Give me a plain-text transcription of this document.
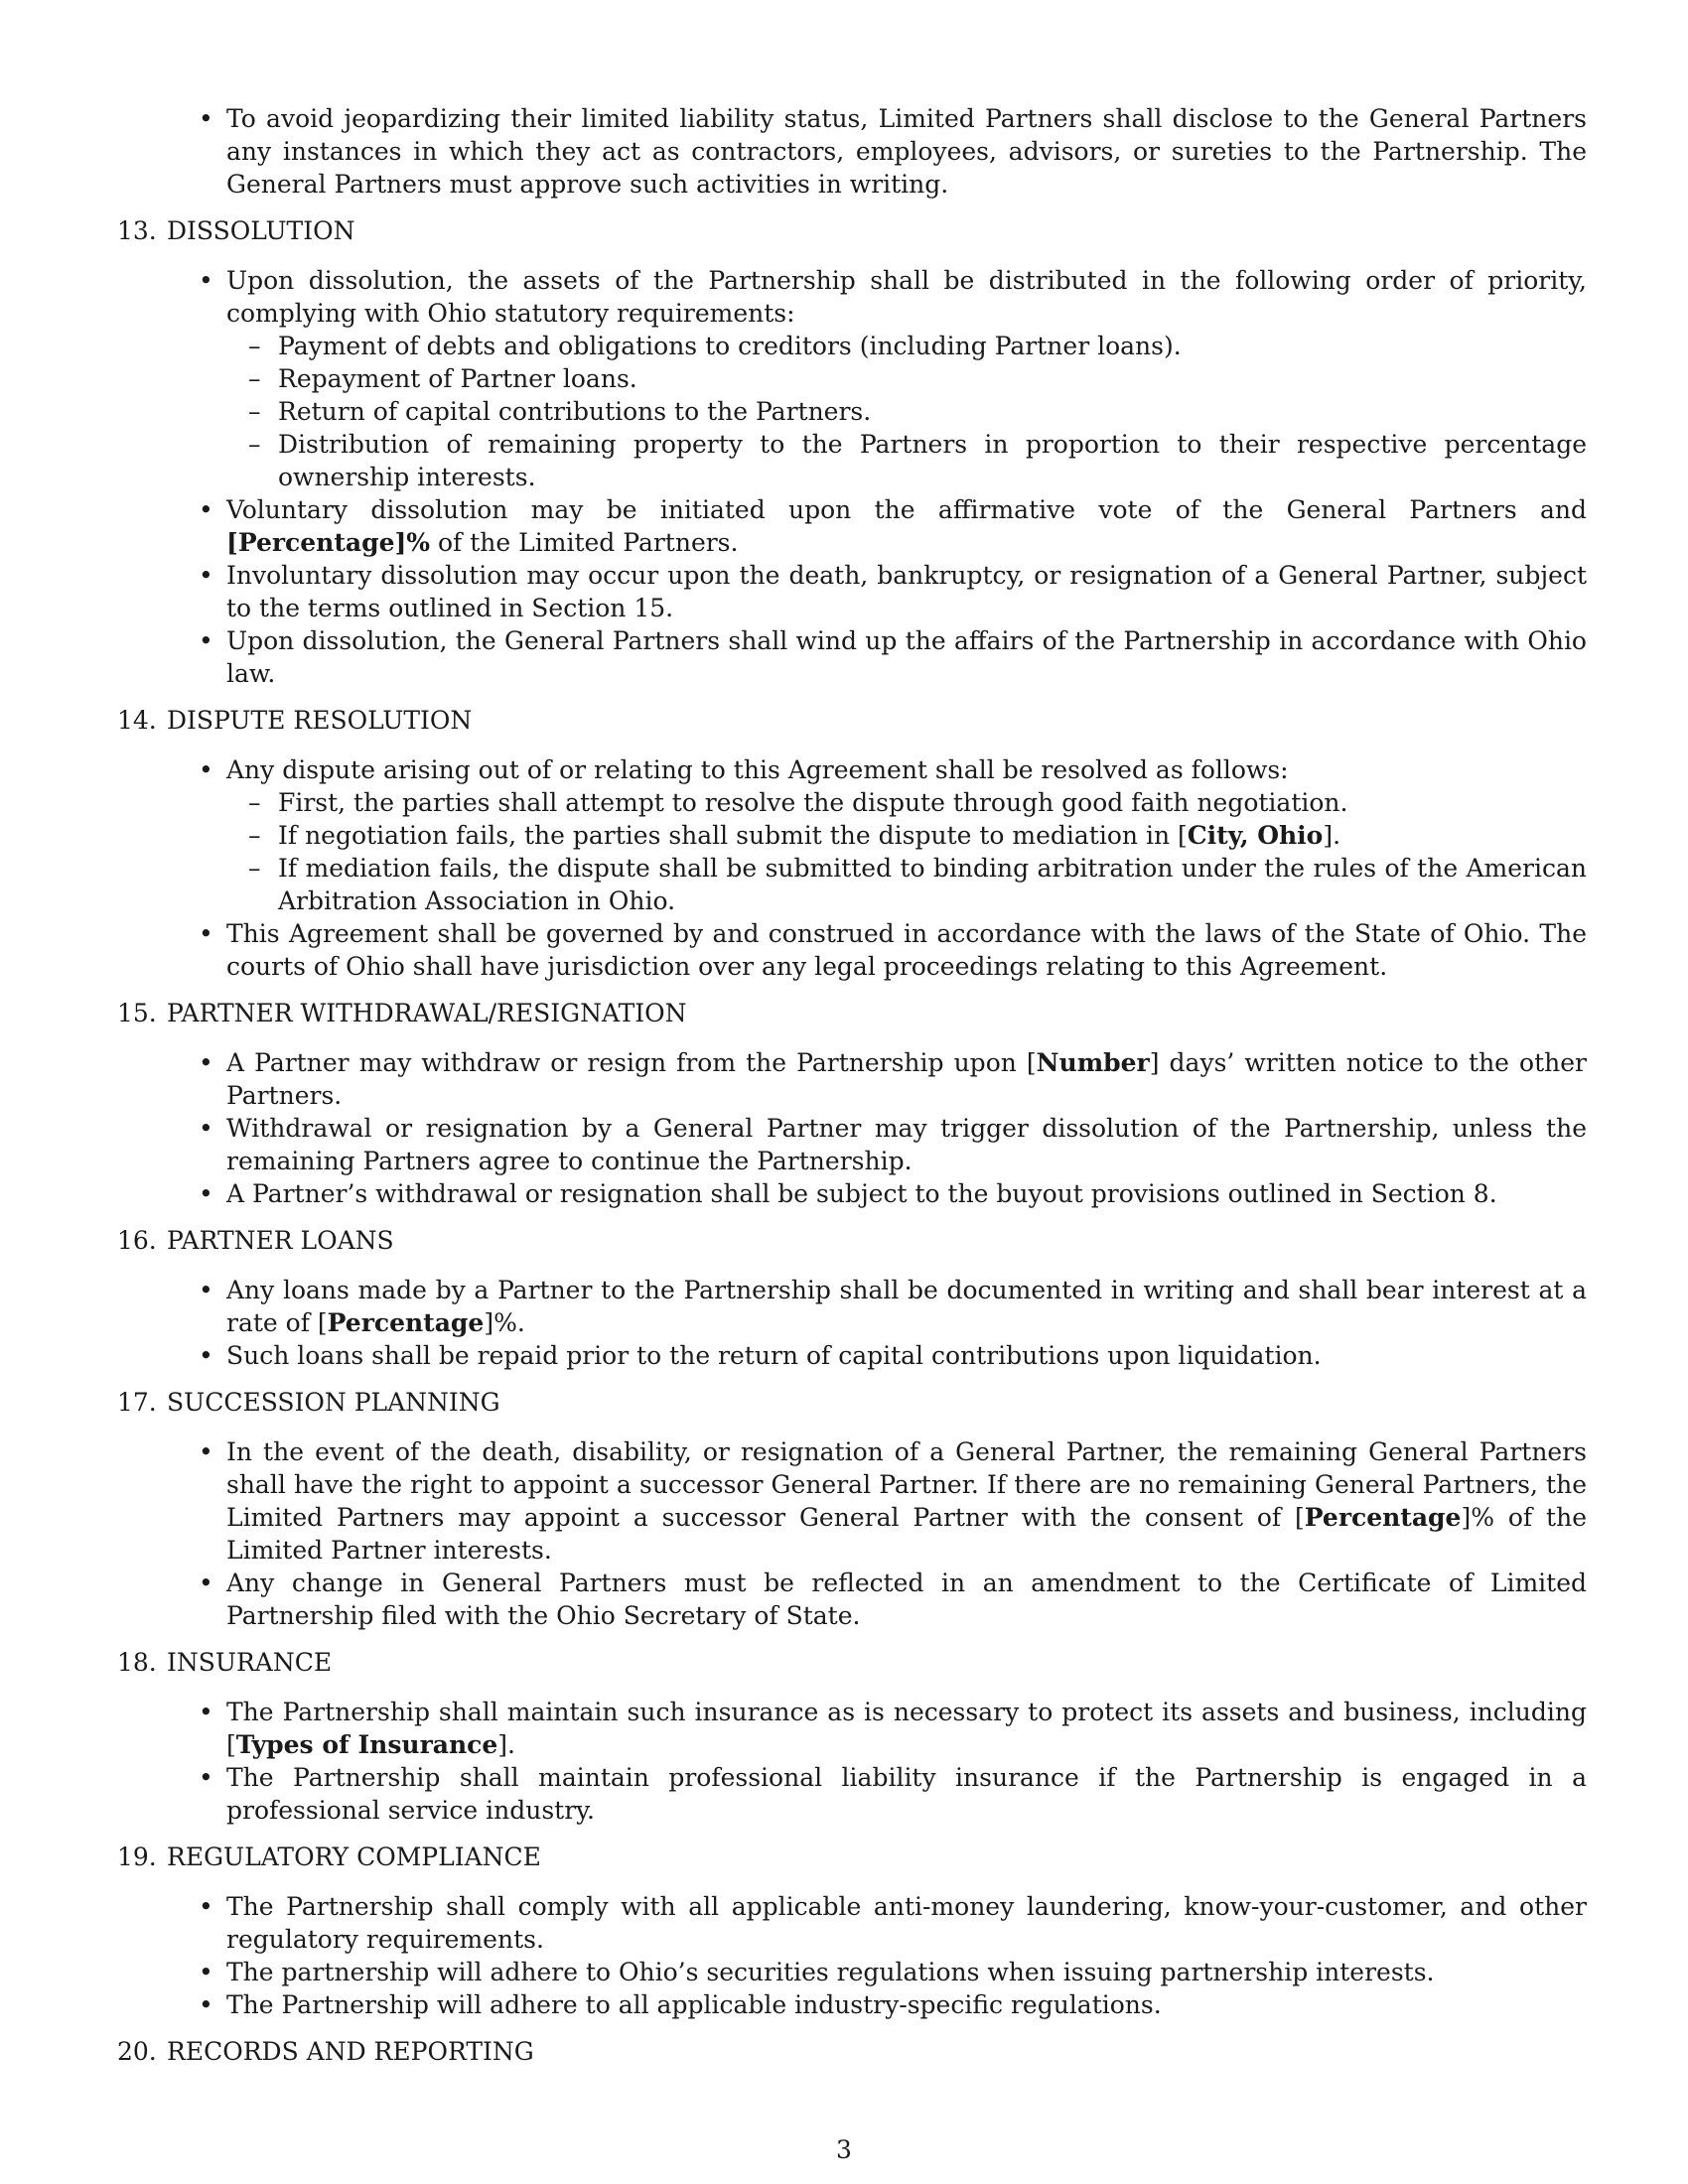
• To avoid jeopardizing their limited liability status, Limited Partners shall disclose to the General Partners any instances in which they act as contractors, employees, advisors, or sureties to the Partnership. The General Partners must approve such activities in writing.
13. DISSOLUTION
• Upon dissolution, the assets of the Partnership shall be distributed in the following order of priority, complying with Ohio statutory requirements:
– Payment of debts and obligations to creditors (including Partner loans).
– Repayment of Partner loans.
– Return of capital contributions to the Partners.
– Distribution of remaining property to the Partners in proportion to their respective percentage ownership interests.
• Voluntary dissolution may be initiated upon the affirmative vote of the General Partners and [Percentage]% of the Limited Partners.
• Involuntary dissolution may occur upon the death, bankruptcy, or resignation of a General Partner, subject to the terms outlined in Section 15.
• Upon dissolution, the General Partners shall wind up the affairs of the Partnership in accordance with Ohio law.
14. DISPUTE RESOLUTION
• Any dispute arising out of or relating to this Agreement shall be resolved as follows:
– First, the parties shall attempt to resolve the dispute through good faith negotiation.
– If negotiation fails, the parties shall submit the dispute to mediation in [City, Ohio].
– If mediation fails, the dispute shall be submitted to binding arbitration under the rules of the American Arbitration Association in Ohio.
• This Agreement shall be governed by and construed in accordance with the laws of the State of Ohio. The courts of Ohio shall have jurisdiction over any legal proceedings relating to this Agreement.
15. PARTNER WITHDRAWAL/RESIGNATION
• A Partner may withdraw or resign from the Partnership upon [Number] days’ written notice to the other Partners.
• Withdrawal or resignation by a General Partner may trigger dissolution of the Partnership, unless the remaining Partners agree to continue the Partnership.
• A Partner’s withdrawal or resignation shall be subject to the buyout provisions outlined in Section 8.
16. PARTNER LOANS
• Any loans made by a Partner to the Partnership shall be documented in writing and shall bear interest at a rate of [Percentage]%.
• Such loans shall be repaid prior to the return of capital contributions upon liquidation.
17. SUCCESSION PLANNING
• In the event of the death, disability, or resignation of a General Partner, the remaining General Partners shall have the right to appoint a successor General Partner. If there are no remaining General Partners, the Limited Partners may appoint a successor General Partner with the consent of [Percentage]% of the Limited Partner interests.
• Any change in General Partners must be reflected in an amendment to the Certificate of Limited Partnership filed with the Ohio Secretary of State.
18. INSURANCE
• The Partnership shall maintain such insurance as is necessary to protect its assets and business, including [Types of Insurance].
• The Partnership shall maintain professional liability insurance if the Partnership is engaged in a professional service industry.
19. REGULATORY COMPLIANCE
• The Partnership shall comply with all applicable anti-money laundering, know-your-customer, and other regulatory requirements.
• The partnership will adhere to Ohio’s securities regulations when issuing partnership interests.
• The Partnership will adhere to all applicable industry-specific regulations.
20. RECORDS AND REPORTING
3
